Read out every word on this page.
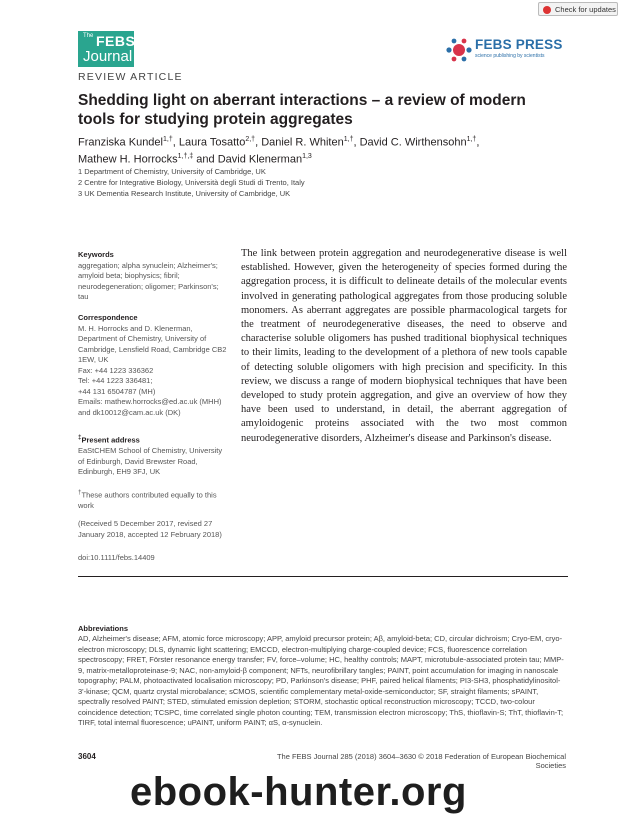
Check for updates
The FEBS
Journal
REVIEW ARTICLE
FEBS PRESS
science publishing by scientists
Shedding light on aberrant interactions – a review of modern tools for studying protein aggregates
Franziska Kundel$^{1,\dagger}$, Laura Tosatto$^{2,\dagger}$, Daniel R. Whiten$^{1,\dagger}$, David C. Wirthensohn$^{1,\dagger}$,
Mathew H. Horrocks$^{1,\dagger,\ddagger}$ and David Klenerman$^{1,3}$
1 Department of Chemistry, University of Cambridge, UK
2 Centre for Integrative Biology, Università degli Studi di Trento, Italy
3 UK Dementia Research Institute, University of Cambridge, UK
Keywords
aggregation; alpha synuclein; Alzheimer's; amyloid beta; biophysics; fibril; neurodegeneration; oligomer; Parkinson's; tau
Correspondence
M. H. Horrocks and D. Klenerman, Department of Chemistry, University of Cambridge, Lensfield Road, Cambridge CB2 1EW, UK
Fax: +44 1223 336362
Tel: +44 1223 336481;
+44 131 6504787 (MH)
Emails: mathew.horrocks@ed.ac.uk (MHH) and dk10012@cam.ac.uk (DK)
‡Present address
EaStCHEM School of Chemistry, University of Edinburgh, David Brewster Road, Edinburgh, EH9 3FJ, UK
†These authors contributed equally to this work
(Received 5 December 2017, revised 27 January 2018, accepted 12 February 2018)
doi:10.1111/febs.14409

The link between protein aggregation and neurodegenerative disease is well established. However, given the heterogeneity of species formed during the aggregation process, it is difficult to delineate details of the molecular events involved in generating pathological aggregates from those producing soluble monomers. As aberrant aggregates are possible pharmacological targets for the treatment of neurodegenerative diseases, the need to observe and characterise soluble oligomers has pushed traditional biophysical techniques to their limits, leading to the development of a plethora of new tools capable of detecting soluble oligomers with high precision and specificity. In this review, we discuss a range of modern biophysical techniques that have been developed to study protein aggregation, and give an overview of how they have been used to understand, in detail, the aberrant aggregation of amyloidogenic proteins associated with the two most common neurodegenerative disorders, Alzheimer's disease and Parkinson's disease.

Abbreviations

AD, Alzheimer's disease; AFM, atomic force microscopy; APP, amyloid precursor protein; Aβ, amyloid-beta; CD, circular dichroism; Cryo-EM, cryo-electron microscopy; DLS, dynamic light scattering; EMCCD, electron-multiplying charge-coupled device; FCS, fluorescence correlation spectroscopy; FRET, Förster resonance energy transfer; FV, force–volume; HC, healthy controls; MAPT, microtubule-associated protein tau; MMP-9, matrix-metalloproteinase-9; NAC, non-amyloid-β component; NFTs, neurofibrillary tangles; PAINT, point accumulation for imaging in nanoscale topography; PALM, photoactivated localisation microscopy; PD, Parkinson's disease; PHF, paired helical filaments; PI3-SH3, phosphatidylinositol-3'-kinase; QCM, quartz crystal microbalance; sCMOS, scientific complementary metal-oxide-semiconductor; SF, straight filaments; sPAINT, spectrally resolved PAINT; STED, stimulated emission depletion; STORM, stochastic optical reconstruction microscopy; TCCD, two-colour coincidence detection; TCSPC, time correlated single photon counting; TEM, transmission electron microscopy; ThS, thioflavin-S; ThT, thioflavin-T; TIRF, total internal fluorescence; uPAINT, uniform PAINT; αS, α-synuclein.

3604	The FEBS Journal 285 (2018) 3604–3630 © 2018 Federation of European Biochemical Societies
ebook-hunter.org
